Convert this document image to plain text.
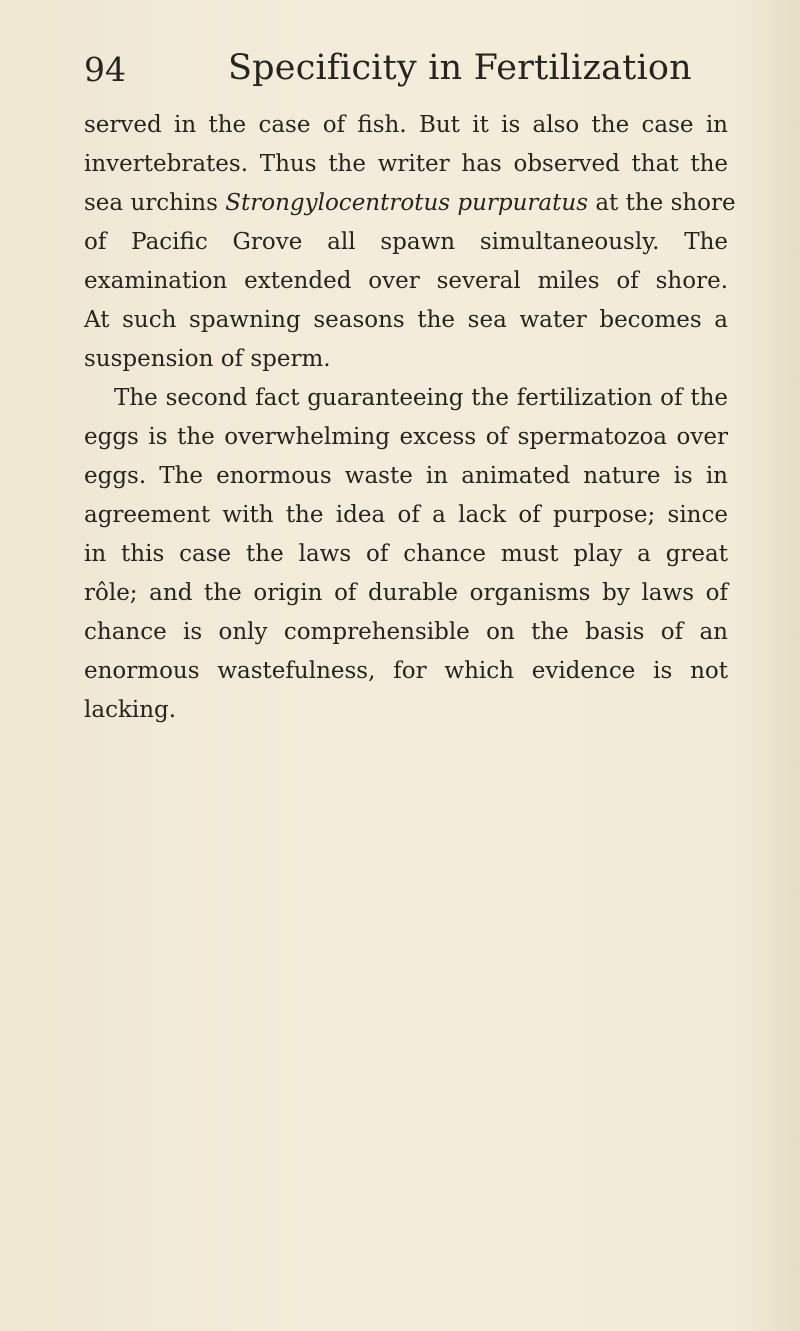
94	Specificity in Fertilization
served in the case of fish. But it is also the case in
invertebrates. Thus the writer has observed that the
sea urchins Strongylocentrotus purpuratus at the shore
of Pacific Grove all spawn simultaneously. The
examination extended over several miles of shore.
At such spawning seasons the sea water becomes a
suspension of sperm.
The second fact guaranteeing the fertilization of the
eggs is the overwhelming excess of spermatozoa over
eggs. The enormous waste in animated nature is in
agreement with the idea of a lack of purpose; since
in this case the laws of chance must play a great
rôle; and the origin of durable organisms by laws of
chance is only comprehensible on the basis of an
enormous wastefulness, for which evidence is not
lacking.
